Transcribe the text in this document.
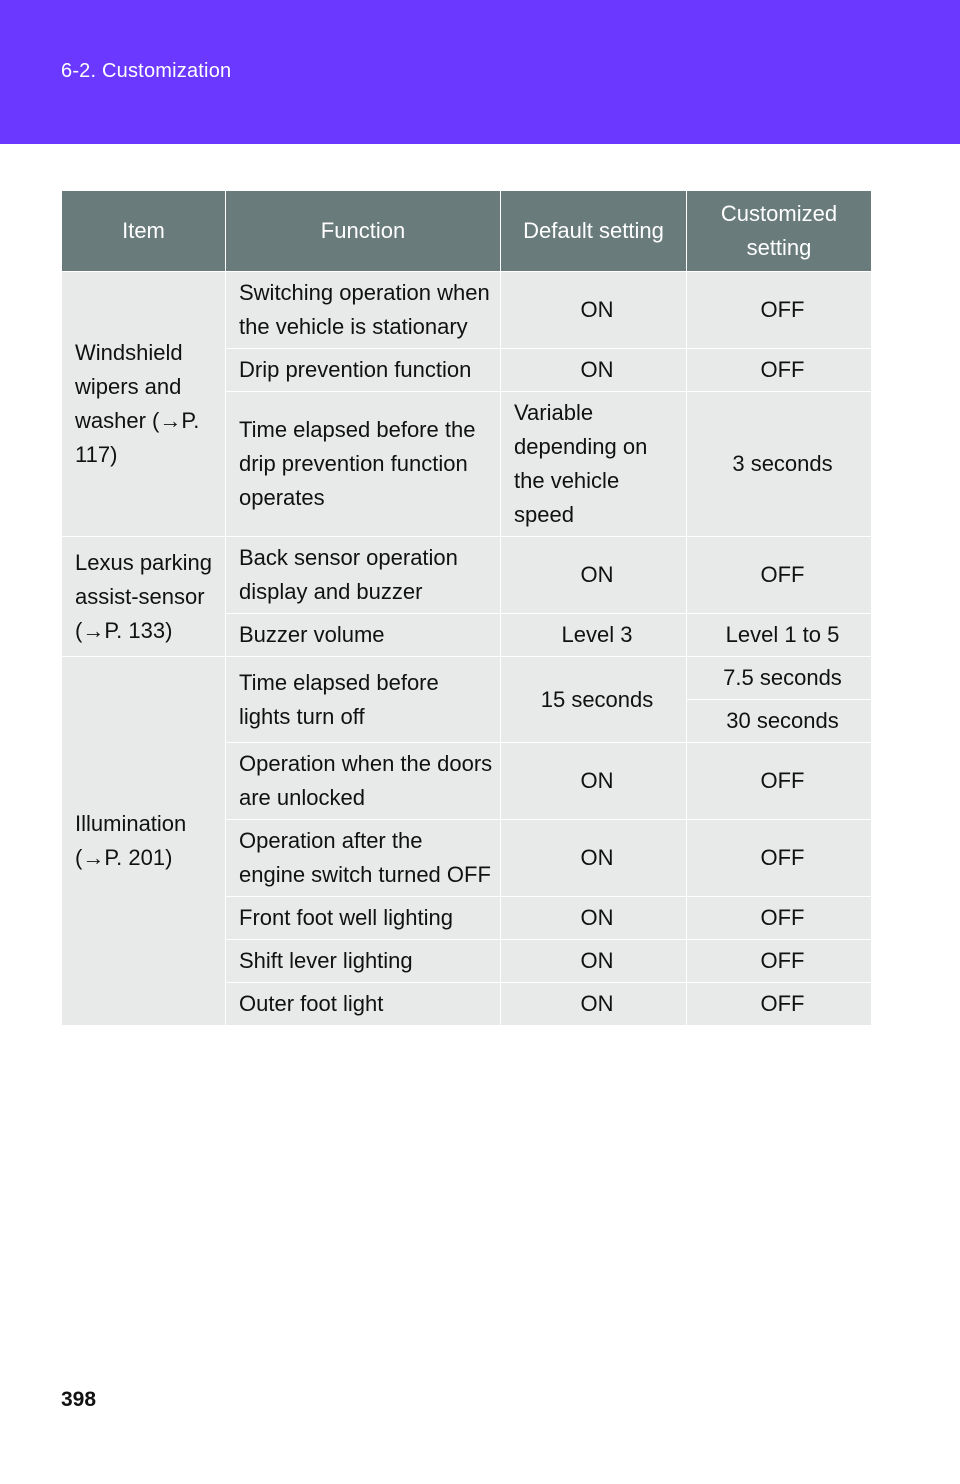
6-2. Customization
Item	Function	Default setting	Customized setting
Windshield wipers and washer (→P. 117)	Switching operation when the vehicle is stationary	ON	OFF
	Drip prevention function	ON	OFF
	Time elapsed before the drip prevention function operates	Variable depending on the vehicle speed	3 seconds
Lexus parking assist-sensor (→P. 133)	Back sensor operation display and buzzer	ON	OFF
	Buzzer volume	Level 3	Level 1 to 5
Illumination (→P. 201)	Time elapsed before lights turn off	15 seconds	7.5 seconds
			30 seconds
	Operation when the doors are unlocked	ON	OFF
	Operation after the engine switch turned OFF	ON	OFF
	Front foot well lighting	ON	OFF
	Shift lever lighting	ON	OFF
	Outer foot light	ON	OFF
398
